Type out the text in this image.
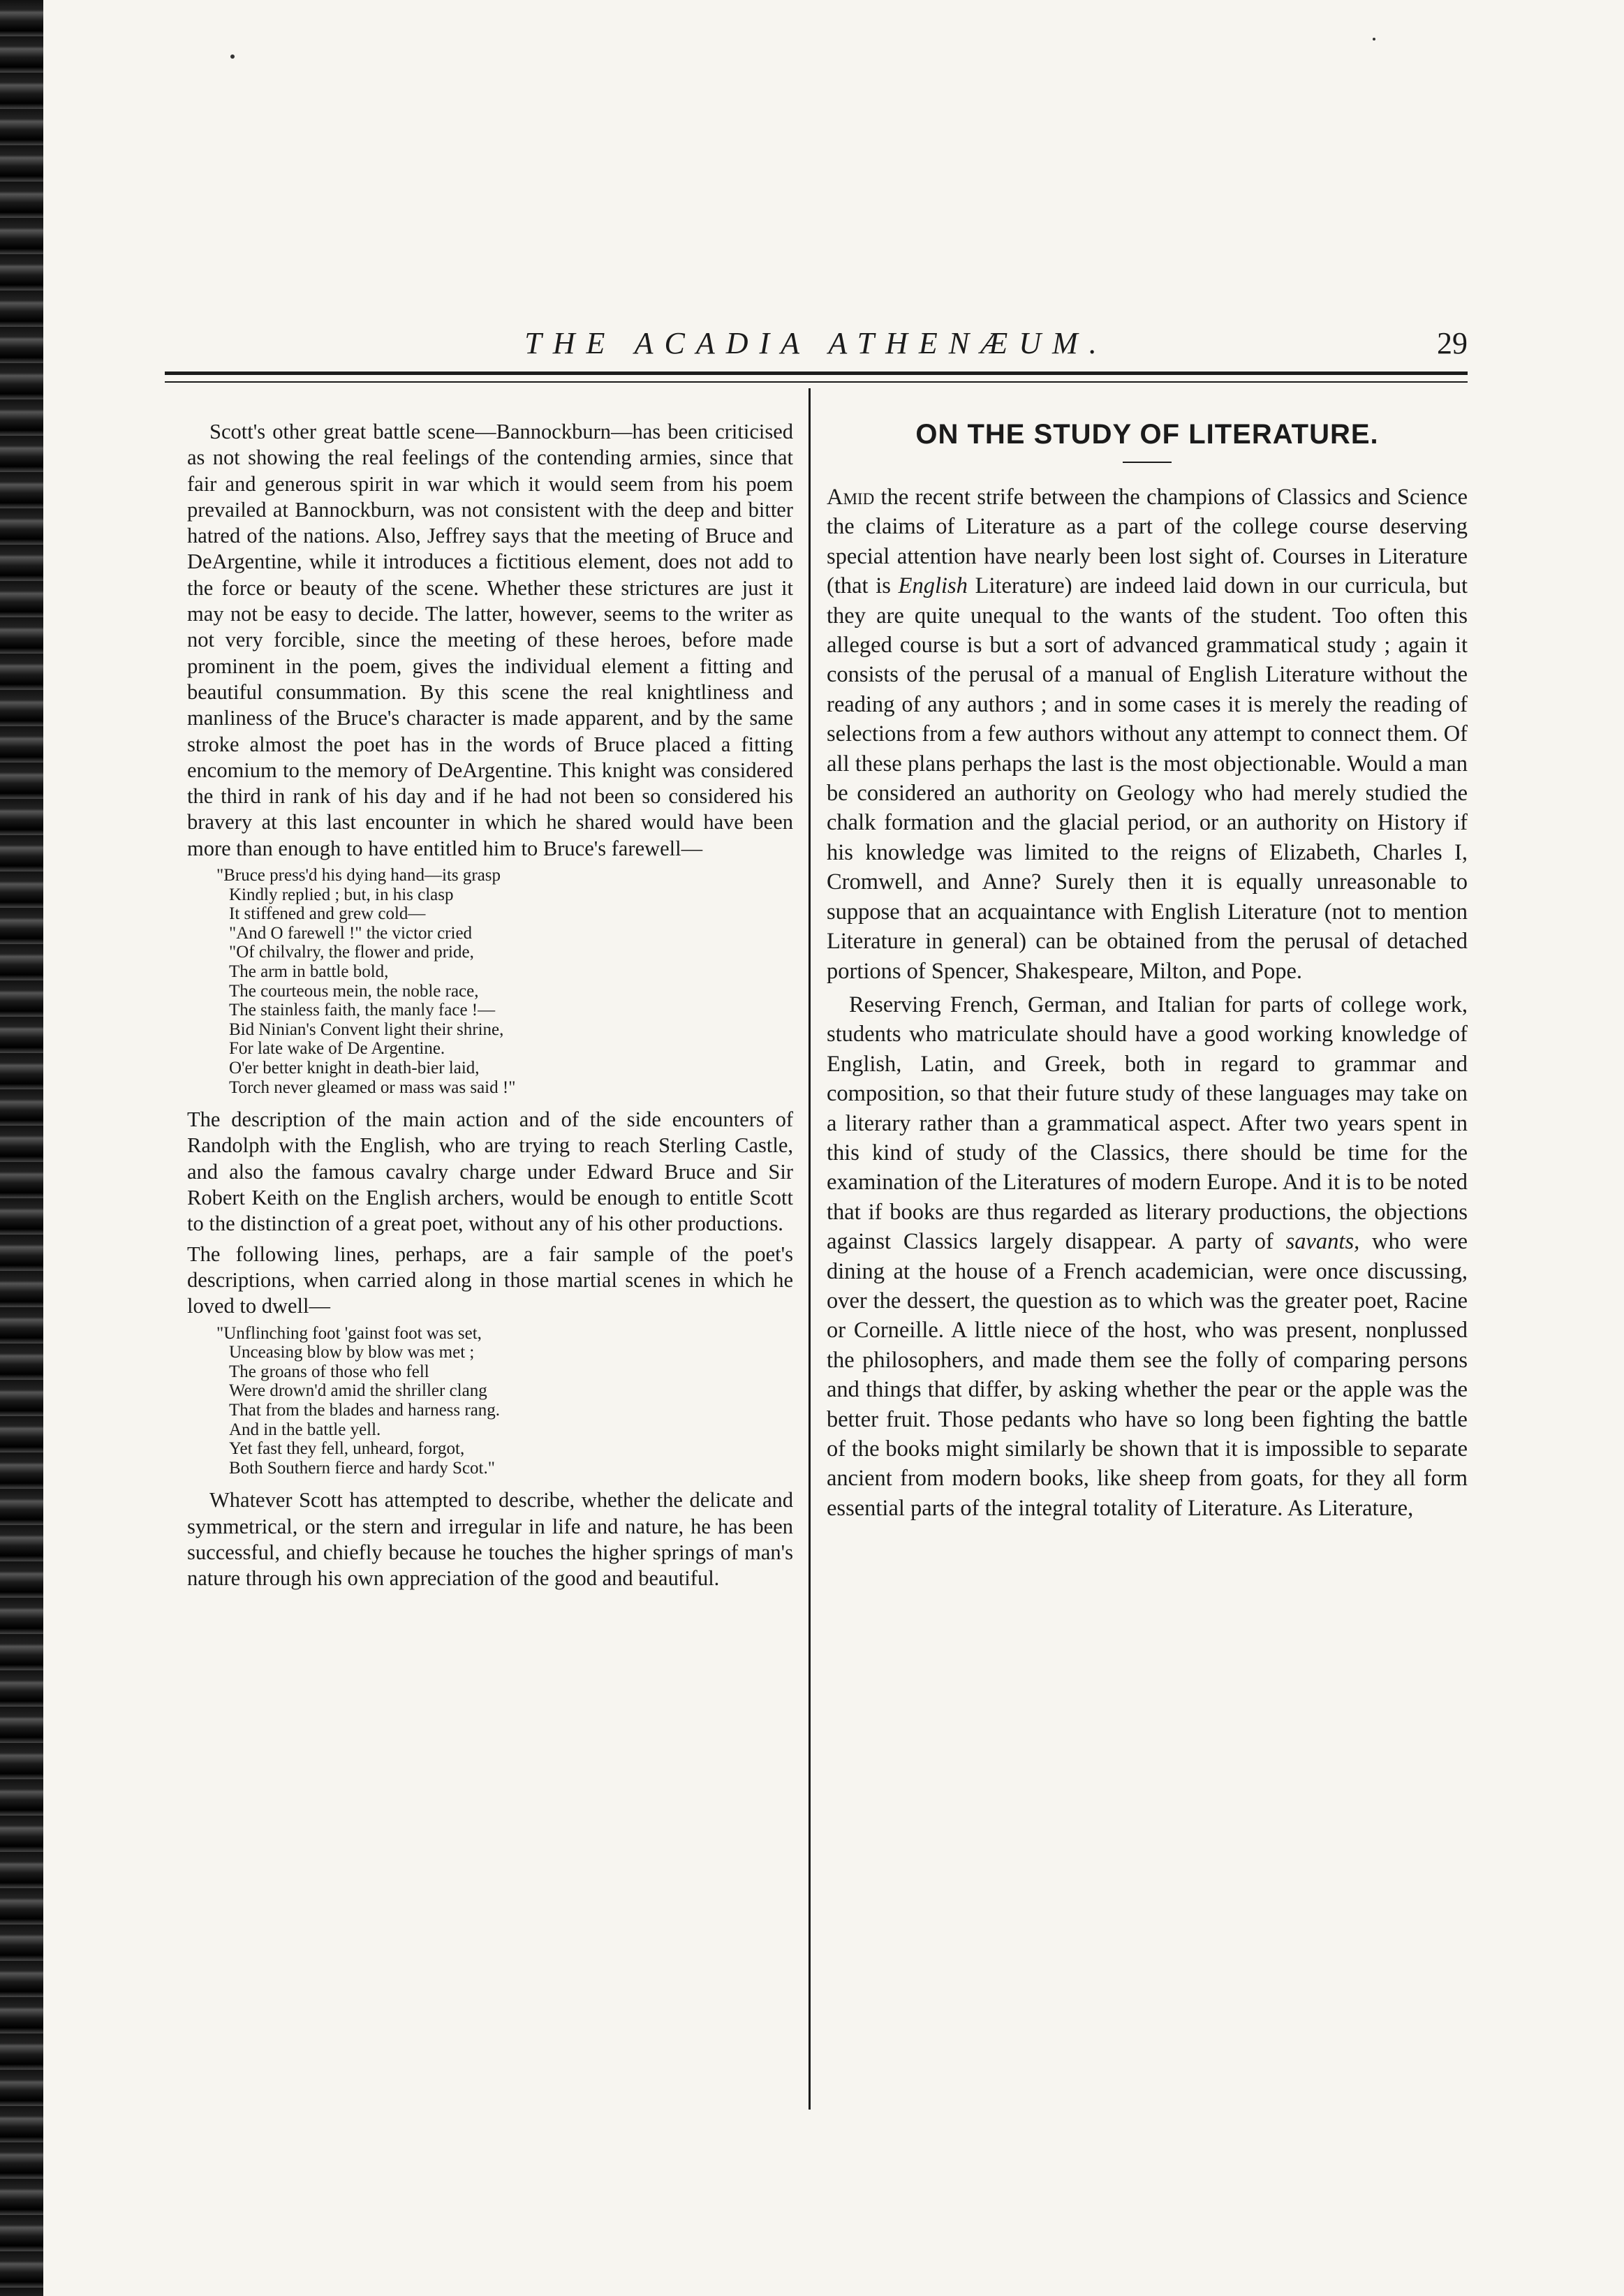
THE ACADIA ATHENÆUM.	29

Scott's other great battle scene—Bannockburn—has been criticised as not showing the real feelings of the contending armies, since that fair and generous spirit in war which it would seem from his poem prevailed at Bannockburn, was not consistent with the deep and bitter hatred of the nations. Also, Jeffrey says that the meeting of Bruce and DeArgentine, while it introduces a fictitious element, does not add to the force or beauty of the scene. Whether these strictures are just it may not be easy to decide. The latter, however, seems to the writer as not very forcible, since the meeting of these heroes, before made prominent in the poem, gives the individual element a fitting and beautiful consummation. By this scene the real knightliness and manliness of the Bruce's character is made apparent, and by the same stroke almost the poet has in the words of Bruce placed a fitting encomium to the memory of DeArgentine. This knight was considered the third in rank of his day and if he had not been so considered his bravery at this last encounter in which he shared would have been more than enough to have entitled him to Bruce's farewell—

"Bruce press'd his dying hand—its grasp
Kindly replied ; but, in his clasp
It stiffened and grew cold—
"And O farewell !" the victor cried
"Of chilvalry, the flower and pride,
The arm in battle bold,
The courteous mein, the noble race,
The stainless faith, the manly face !—
Bid Ninian's Convent light their shrine,
For late wake of De Argentine.
O'er better knight in death-bier laid,
Torch never gleamed or mass was said !"

The description of the main action and of the side encounters of Randolph with the English, who are trying to reach Sterling Castle, and also the famous cavalry charge under Edward Bruce and Sir Robert Keith on the English archers, would be enough to entitle Scott to the distinction of a great poet, without any of his other productions.

The following lines, perhaps, are a fair sample of the poet's descriptions, when carried along in those martial scenes in which he loved to dwell—

"Unflinching foot 'gainst foot was set,
Unceasing blow by blow was met ;
The groans of those who fell
Were drown'd amid the shriller clang
That from the blades and harness rang.
And in the battle yell.
Yet fast they fell, unheard, forgot,
Both Southern fierce and hardy Scot."

Whatever Scott has attempted to describe, whether the delicate and symmetrical, or the stern and irregular in life and nature, he has been successful, and chiefly because he touches the higher springs of man's nature through his own appreciation of the good and beautiful.

ON THE STUDY OF LITERATURE.

Amid the recent strife between the champions of Classics and Science the claims of Literature as a part of the college course deserving special attention have nearly been lost sight of. Courses in Literature (that is English Literature) are indeed laid down in our curricula, but they are quite unequal to the wants of the student. Too often this alleged course is but a sort of advanced grammatical study ; again it consists of the perusal of a manual of English Literature without the reading of any authors ; and in some cases it is merely the reading of selections from a few authors without any attempt to connect them. Of all these plans perhaps the last is the most objectionable. Would a man be considered an authority on Geology who had merely studied the chalk formation and the glacial period, or an authority on History if his knowledge was limited to the reigns of Elizabeth, Charles I, Cromwell, and Anne? Surely then it is equally unreasonable to suppose that an acquaintance with English Literature (not to mention Literature in general) can be obtained from the perusal of detached portions of Spencer, Shakespeare, Milton, and Pope.

Reserving French, German, and Italian for parts of college work, students who matriculate should have a good working knowledge of English, Latin, and Greek, both in regard to grammar and composition, so that their future study of these languages may take on a literary rather than a grammatical aspect. After two years spent in this kind of study of the Classics, there should be time for the examination of the Literatures of modern Europe. And it is to be noted that if books are thus regarded as literary productions, the objections against Classics largely disappear. A party of savants, who were dining at the house of a French academician, were once discussing, over the dessert, the question as to which was the greater poet, Racine or Corneille. A little niece of the host, who was present, nonplussed the philosophers, and made them see the folly of comparing persons and things that differ, by asking whether the pear or the apple was the better fruit. Those pedants who have so long been fighting the battle of the books might similarly be shown that it is impossible to separate ancient from modern books, like sheep from goats, for they all form essential parts of the integral totality of Literature. As Literature,
